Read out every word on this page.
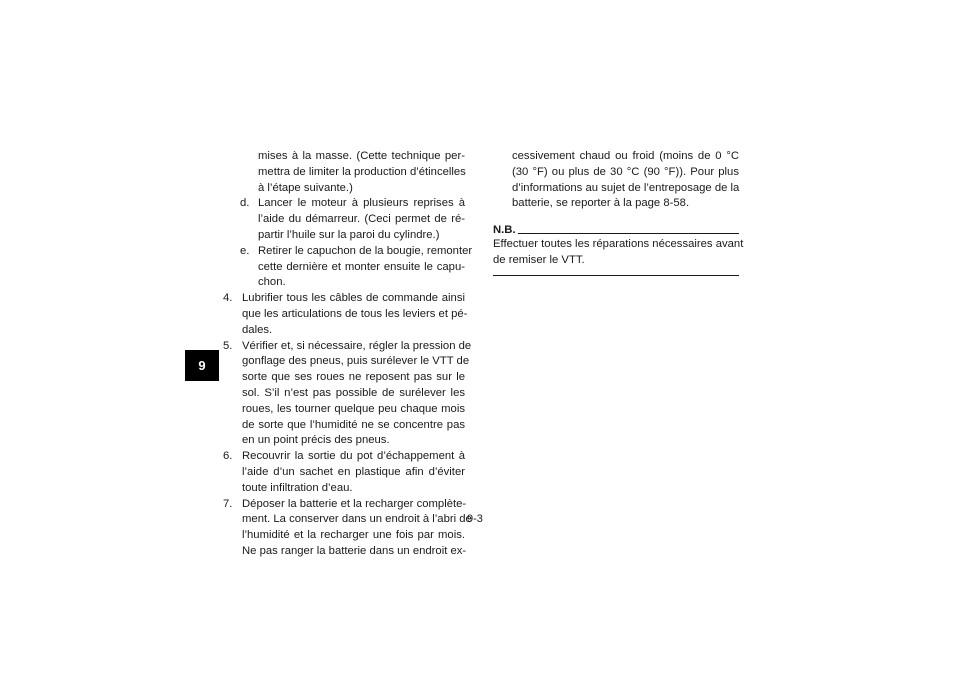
9
mises à la masse. (Cette technique per-
mettra de limiter la production d’étincelles
à l’étape suivante.)
d. Lancer le moteur à plusieurs reprises à
l’aide du démarreur. (Ceci permet de ré-
partir l’huile sur la paroi du cylindre.)
e. Retirer le capuchon de la bougie, remonter
cette dernière et monter ensuite le capu-
chon.
4. Lubrifier tous les câbles de commande ainsi
que les articulations de tous les leviers et pé-
dales.
5. Vérifier et, si nécessaire, régler la pression de
gonflage des pneus, puis surélever le VTT de
sorte que ses roues ne reposent pas sur le
sol. S’il n’est pas possible de surélever les
roues, les tourner quelque peu chaque mois
de sorte que l’humidité ne se concentre pas
en un point précis des pneus.
6. Recouvrir la sortie du pot d’échappement à
l’aide d’un sachet en plastique afin d’éviter
toute infiltration d’eau.
7. Déposer la batterie et la recharger complète-
ment. La conserver dans un endroit à l’abri de
l’humidité et la recharger une fois par mois.
Ne pas ranger la batterie dans un endroit ex-
cessivement chaud ou froid (moins de 0 °C
(30 °F) ou plus de 30 °C (90 °F)). Pour plus
d’informations au sujet de l’entreposage de la
batterie, se reporter à la page 8-58.
N.B.
Effectuer toutes les réparations nécessaires avant
de remiser le VTT.
9-3
